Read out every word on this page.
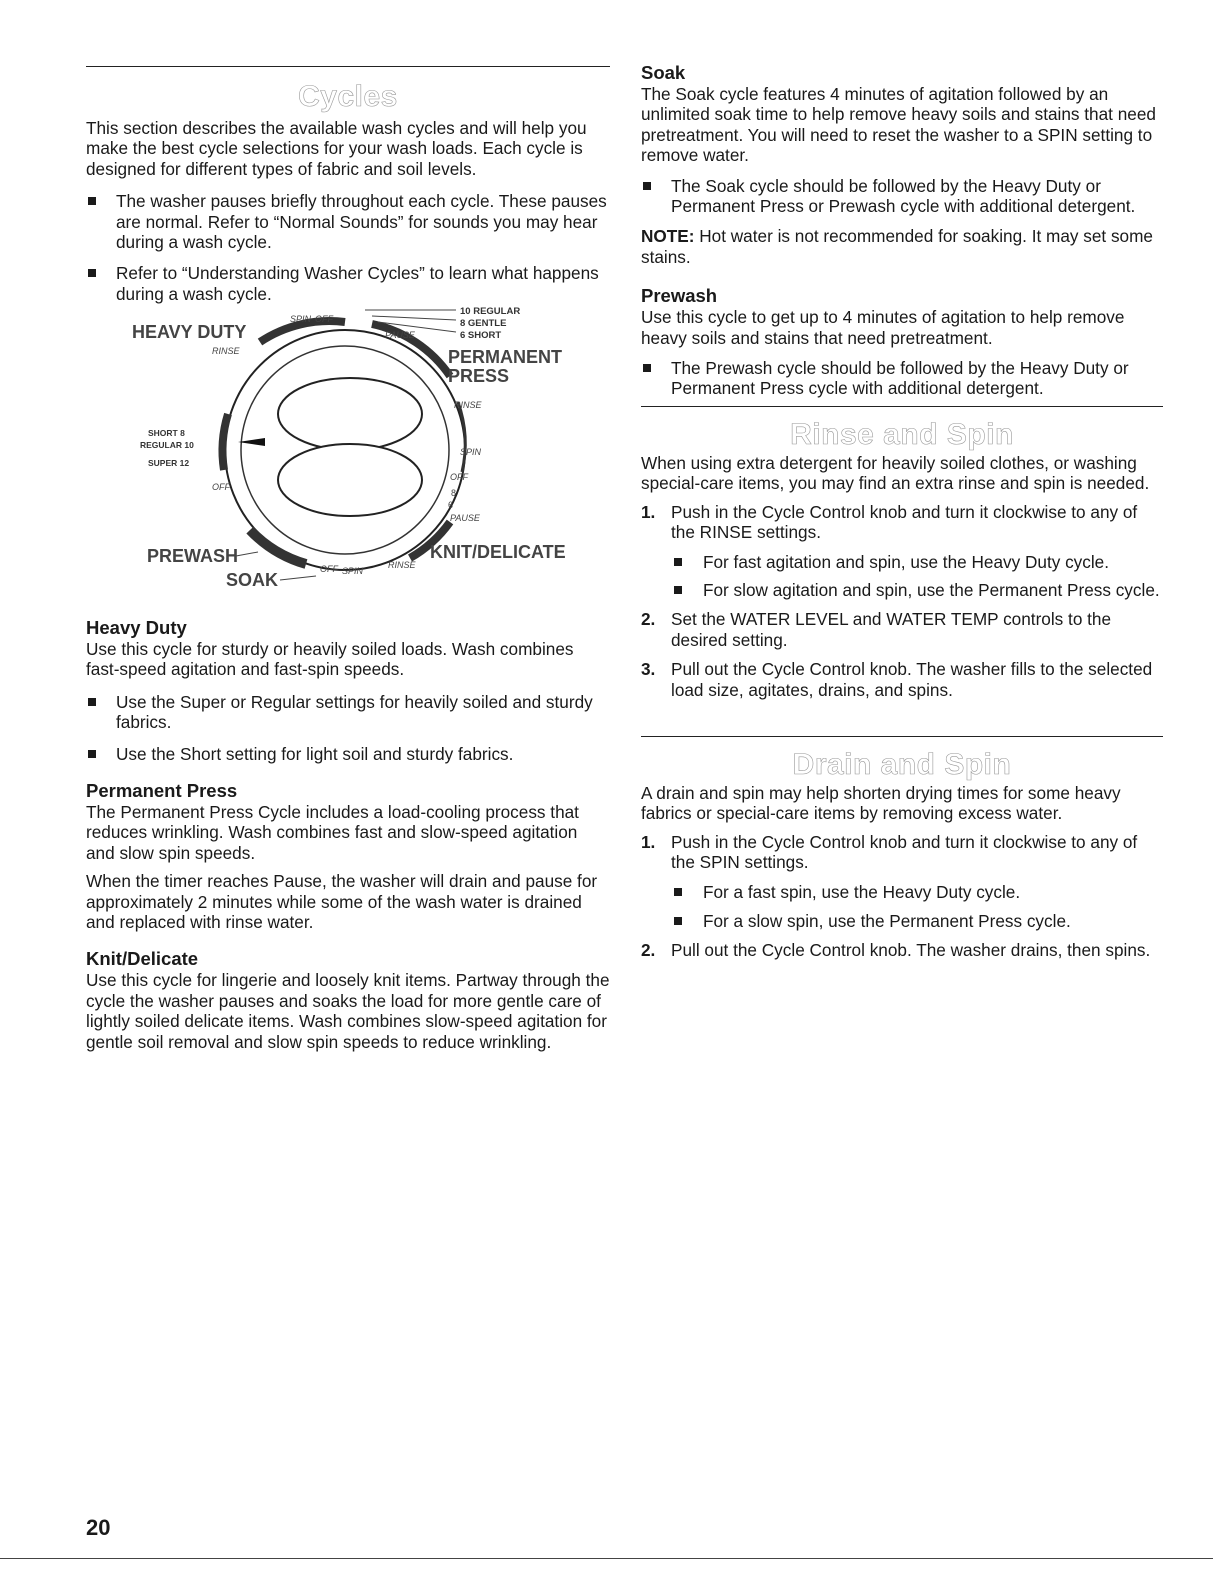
Cycles

This section describes the available wash cycles and will help you make the best cycle selections for your wash loads. Each cycle is designed for different types of fabric and soil levels.

The washer pauses briefly throughout each cycle. These pauses are normal. Refer to “Normal Sounds” for sounds you may hear during a wash cycle.
Refer to “Understanding Washer Cycles” to learn what happens during a wash cycle.
HEAVY DUTY
SPIN OFF
RINSE
PAUSE
10 REGULAR
8 GENTLE
6 SHORT
PERMANENT
PRESS
RINSE
SPIN
OFF
8
6
PAUSE
KNIT/DELICATE
SHORT 8
REGULAR 10
SUPER 12
OFF
PREWASH
SOAK
OFF SPIN
RINSE
Heavy Duty

Use this cycle for sturdy or heavily soiled loads. Wash combines fast-speed agitation and fast-spin speeds.

Use the Super or Regular settings for heavily soiled and sturdy fabrics.
Use the Short setting for light soil and sturdy fabrics.
Permanent Press

The Permanent Press Cycle includes a load-cooling process that reduces wrinkling. Wash combines fast and slow-speed agitation and slow spin speeds.

When the timer reaches Pause, the washer will drain and pause for approximately 2 minutes while some of the wash water is drained and replaced with rinse water.

Knit/Delicate

Use this cycle for lingerie and loosely knit items. Partway through the cycle the washer pauses and soaks the load for more gentle care of lightly soiled delicate items. Wash combines slow-speed agitation for gentle soil removal and slow spin speeds to reduce wrinkling.

Soak

The Soak cycle features 4 minutes of agitation followed by an unlimited soak time to help remove heavy soils and stains that need pretreatment. You will need to reset the washer to a SPIN setting to remove water.

The Soak cycle should be followed by the Heavy Duty or Permanent Press or Prewash cycle with additional detergent.

NOTE: Hot water is not recommended for soaking. It may set some stains.

Prewash

Use this cycle to get up to 4 minutes of agitation to help remove heavy soils and stains that need pretreatment.

The Prewash cycle should be followed by the Heavy Duty or Permanent Press cycle with additional detergent.
Rinse and Spin

When using extra detergent for heavily soiled clothes, or washing special-care items, you may find an extra rinse and spin is needed.

1. Push in the Cycle Control knob and turn it clockwise to any of the RINSE settings.
For fast agitation and spin, use the Heavy Duty cycle.
For slow agitation and spin, use the Permanent Press cycle.
2. Set the WATER LEVEL and WATER TEMP controls to the desired setting.
3. Pull out the Cycle Control knob. The washer fills to the selected load size, agitates, drains, and spins.
Drain and Spin

A drain and spin may help shorten drying times for some heavy fabrics or special-care items by removing excess water.

1. Push in the Cycle Control knob and turn it clockwise to any of the SPIN settings.
For a fast spin, use the Heavy Duty cycle.
For a slow spin, use the Permanent Press cycle.
2. Pull out the Cycle Control knob. The washer drains, then spins.
20
